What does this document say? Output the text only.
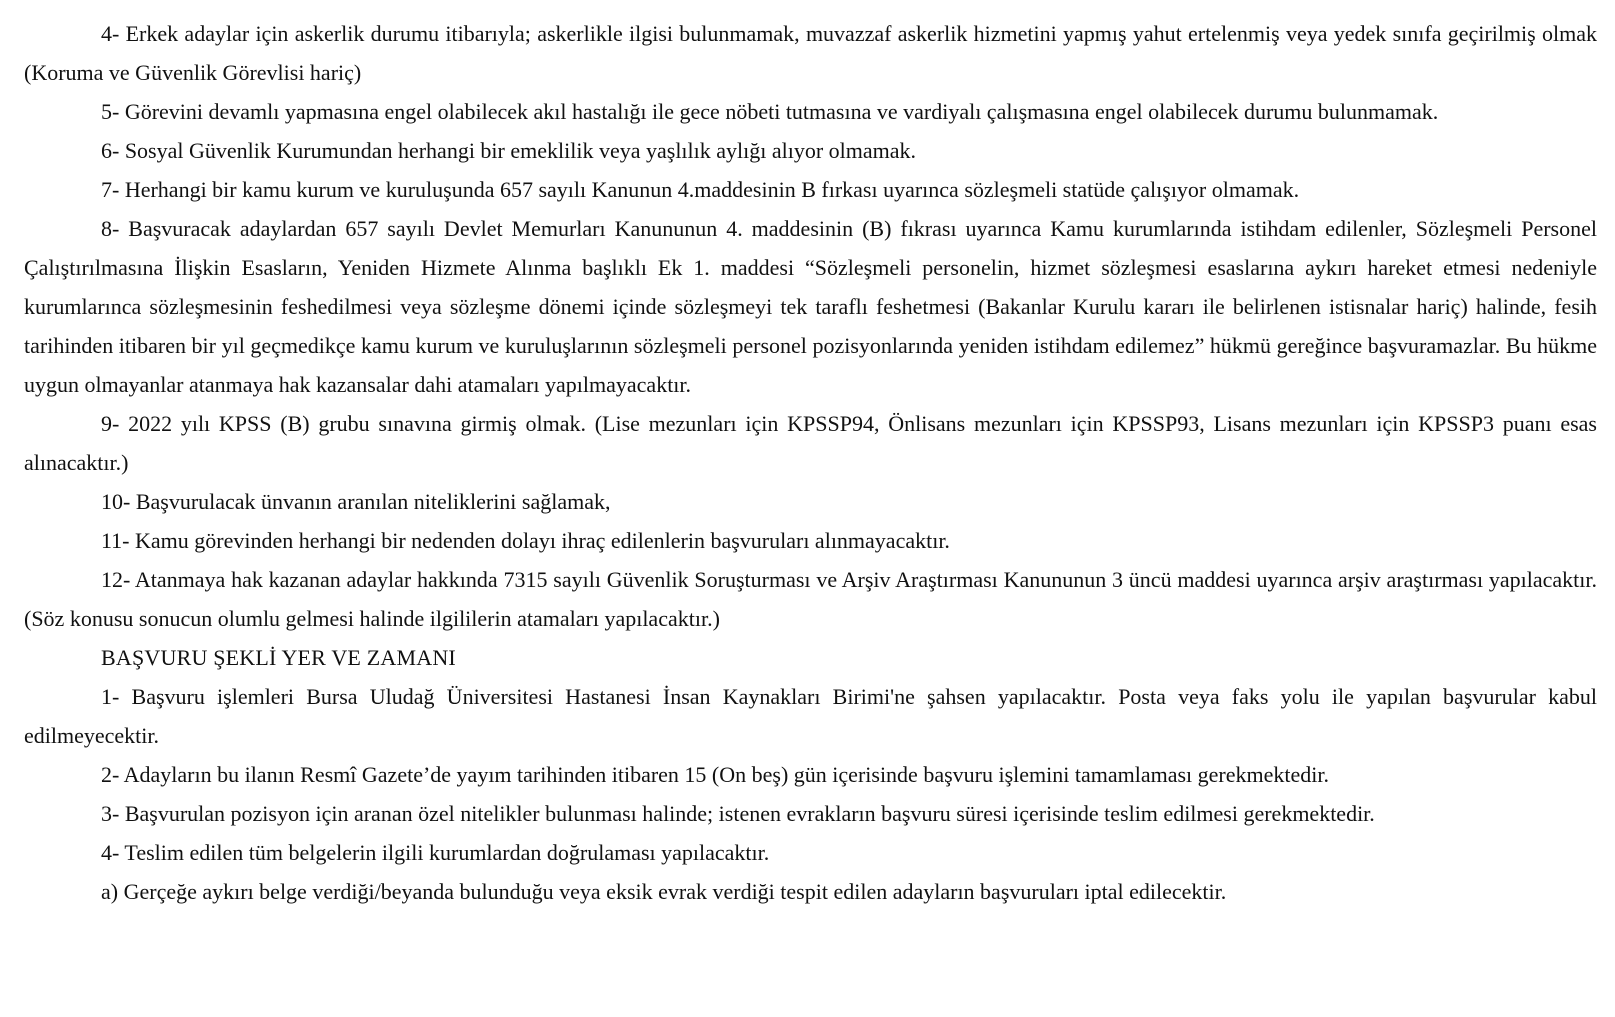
4- Erkek adaylar için askerlik durumu itibarıyla; askerlikle ilgisi bulunmamak, muvazzaf askerlik hizmetini yapmış yahut ertelenmiş veya yedek sınıfa geçirilmiş olmak (Koruma ve Güvenlik Görevlisi hariç)

5- Görevini devamlı yapmasına engel olabilecek akıl hastalığı ile gece nöbeti tutmasına ve vardiyalı çalışmasına engel olabilecek durumu bulunmamak.

6- Sosyal Güvenlik Kurumundan herhangi bir emeklilik veya yaşlılık aylığı alıyor olmamak.

7- Herhangi bir kamu kurum ve kuruluşunda 657 sayılı Kanunun 4.maddesinin B fırkası uyarınca sözleşmeli statüde çalışıyor olmamak.

8- Başvuracak adaylardan 657 sayılı Devlet Memurları Kanununun 4. maddesinin (B) fıkrası uyarınca Kamu kurumlarında istihdam edilenler, Sözleşmeli Personel Çalıştırılmasına İlişkin Esasların, Yeniden Hizmete Alınma başlıklı Ek 1. maddesi “Sözleşmeli personelin, hizmet sözleşmesi esaslarına aykırı hareket etmesi nedeniyle kurumlarınca sözleşmesinin feshedilmesi veya sözleşme dönemi içinde sözleşmeyi tek taraflı feshetmesi (Bakanlar Kurulu kararı ile belirlenen istisnalar hariç) halinde, fesih tarihinden itibaren bir yıl geçmedikçe kamu kurum ve kuruluşlarının sözleşmeli personel pozisyonlarında yeniden istihdam edilemez” hükmü gereğince başvuramazlar. Bu hükme uygun olmayanlar atanmaya hak kazansalar dahi atamaları yapılmayacaktır.

9- 2022 yılı KPSS (B) grubu sınavına girmiş olmak. (Lise mezunları için KPSSP94, Önlisans mezunları için KPSSP93, Lisans mezunları için KPSSP3 puanı esas alınacaktır.)

10- Başvurulacak ünvanın aranılan niteliklerini sağlamak,

11- Kamu görevinden herhangi bir nedenden dolayı ihraç edilenlerin başvuruları alınmayacaktır.

12- Atanmaya hak kazanan adaylar hakkında 7315 sayılı Güvenlik Soruşturması ve Arşiv Araştırması Kanununun 3 üncü maddesi uyarınca arşiv araştırması yapılacaktır. (Söz konusu sonucun olumlu gelmesi halinde ilgililerin atamaları yapılacaktır.)

BAŞVURU ŞEKLİ YER VE ZAMANI

1- Başvuru işlemleri Bursa Uludağ Üniversitesi Hastanesi İnsan Kaynakları Birimi'ne şahsen yapılacaktır. Posta veya faks yolu ile yapılan başvurular kabul edilmeyecektir.

2- Adayların bu ilanın Resmî Gazete’de yayım tarihinden itibaren 15 (On beş) gün içerisinde başvuru işlemini tamamlaması gerekmektedir.

3- Başvurulan pozisyon için aranan özel nitelikler bulunması halinde; istenen evrakların başvuru süresi içerisinde teslim edilmesi gerekmektedir.

4- Teslim edilen tüm belgelerin ilgili kurumlardan doğrulaması yapılacaktır.

a) Gerçeğe aykırı belge verdiği/beyanda bulunduğu veya eksik evrak verdiği tespit edilen adayların başvuruları iptal edilecektir.
